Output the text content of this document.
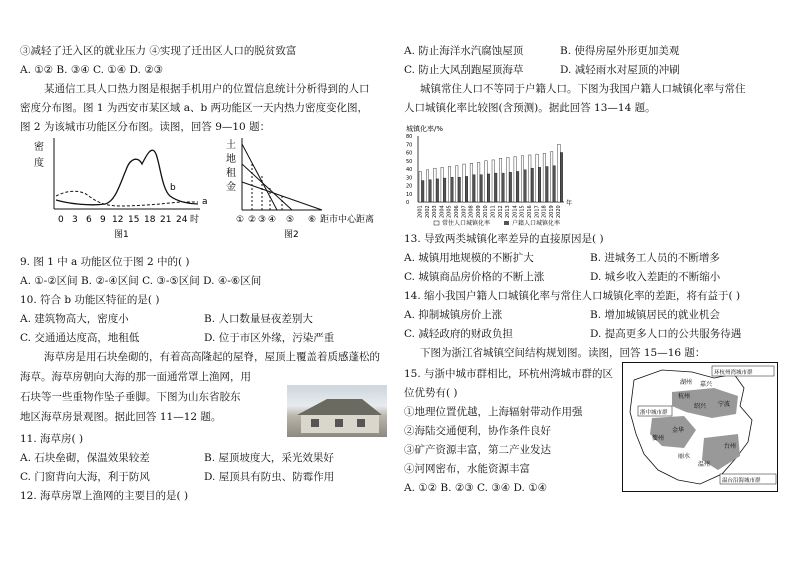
③减轻了迁入区的就业压力 ④实现了迁出区人口的脱贫致富
A. ①② B. ③④ C. ①④ D. ②③
某通信工具人口热力图是根据手机用户的位置信息统计分析得到的人口
密度分布图。图 1 为西安市某区域 a、b 两功能区一天内热力密度变化图，
图 2 为该城市功能区分布图。读图，回答 9—10 题：
密
度
a
b
0 3 6 9 12 15 18 21 24 时
图1
土
地
租
金
① ② ③ ④ ⑤ ⑥ 距市中心距离
图2
9. 图 1 中 a 功能区位于图 2 中的( )
A. ①-②区间 B. ②-④区间 C. ③-⑤区间 D. ④-⑥区间
10. 符合 b 功能区特征的是( )
A. 建筑物高大，密度小	B. 人口数量昼夜差别大
C. 交通通达度高，地租低	D. 位于市区外缘，污染严重
海草房是用石块垒砌的，有着高高隆起的屋脊，屋顶上覆盖着质感蓬松的
海草。海草房朝向大海的那一面通常罩上渔网，用
石块等一些重物作坠子垂脚。下图为山东省胶东
地区海草房景观图。据此回答 11—12 题。
11. 海草房( )
A. 石块垒砌，保温效果较差	B. 屋顶坡度大，采光效果好
C. 门窗背向大海，利于防风	D. 屋顶具有防虫、防霉作用
12. 海草房罩上渔网的主要目的是( )
A. 防止海洋水汽腐蚀屋顶	B. 使得房屋外形更加美观
C. 防止大风刮跑屋顶海草	D. 减轻雨水对屋顶的冲刷
城镇常住人口不等同于户籍人口。下图为我国户籍人口城镇化率与常住
人口城镇化率比较图(含预测)。据此回答 13—14 题。
城镇化率/%
0
10
20
30
40
50
60
70
80
2001 2002 2003 2004 2005 2006 2007 2008 2009 2010 2011 2012 2013 2014 2015 2016 2017 2018 2019 2020
年
常住人口城镇化率	户籍人口城镇化率
13. 导致两类城镇化率差异的直接原因是( )
A. 城镇用地规模的不断扩大	B. 进城务工人员的不断增多
C. 城镇商品房价格的不断上涨	D. 城乡收入差距的不断缩小
14. 缩小我国户籍人口城镇化率与常住人口城镇化率的差距，将有益于( )
A. 抑制城镇房价上涨	B. 增加城镇居民的就业机会
C. 减轻政府的财政负担	D. 提高更多人口的公共服务待遇
下图为浙江省城镇空间结构规划图。读图，回答 15—16 题：
15. 与浙中城市群相比，环杭州湾城市群的区
位优势有( )
①地理位置优越，上海辐射带动作用强
②海陆交通便利，协作条件良好
③矿产资源丰富，第二产业发达
④河网密布，水能资源丰富
A. ①② B. ②③ C. ③④ D. ①④
杭州
宁波
绍兴
嘉兴
湖州
金华
衢州
丽水
台州
温州
环杭州湾城市群
浙中城市群
温台沿海城市群
